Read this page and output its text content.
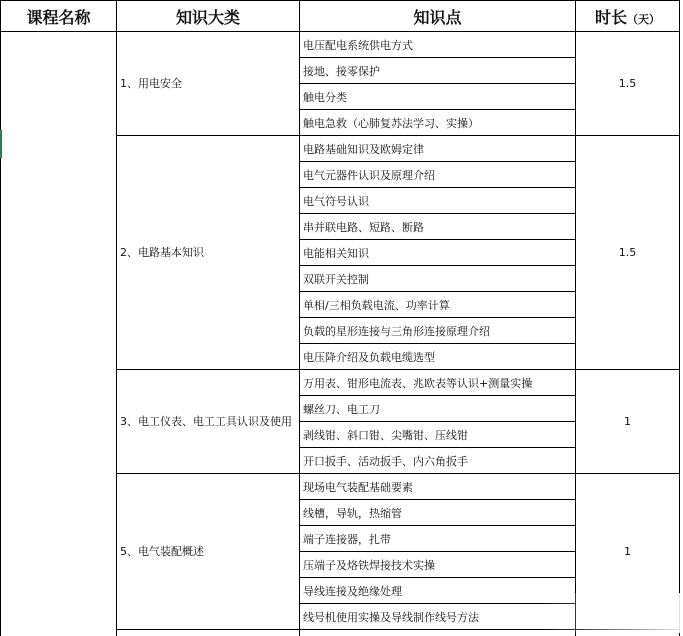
课程名称	知识大类	知识点	时长（天）
	1、用电安全	电压配电系统供电方式	1.5
		接地、接零保护	
		触电分类	
		触电急救（心肺复苏法学习、实操）	
	2、电路基本知识	电路基础知识及欧姆定律	1.5
		电气元器件认识及原理介绍	
		电气符号认识	
		串并联电路、短路、断路	
		电能相关知识	
		双联开关控制	
		单相/三相负载电流、功率计算	
		负载的星形连接与三角形连接原理介绍	
		电压降介绍及负载电缆选型	
	3、电工仪表、电工工具认识及使用	万用表、钳形电流表、兆欧表等认识+测量实操	1
		螺丝刀、电工刀	
		剥线钳、斜口钳、尖嘴钳、压线钳	
		开口扳手、活动扳手、内六角扳手	
	5、电气装配概述	现场电气装配基础要素	1
		线槽，导轨，热缩管	
		端子连接器，扎带	
		压端子及烙铁焊接技术实操	
		导线连接及绝缘处理	
		线号机使用实操及导线制作线号方法	
